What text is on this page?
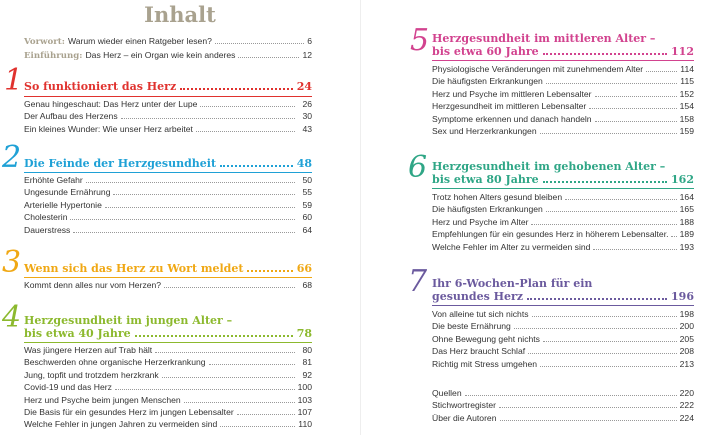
Inhalt
Vorwort: Warum wieder einen Ratgeber lesen?	6
Einführung: Das Herz – ein Organ wie kein anderes	12
1 So funktioniert das Herz	24
Genau hingeschaut: Das Herz unter der Lupe	26
Der Aufbau des Herzens	30
Ein kleines Wunder: Wie unser Herz arbeitet	43
2 Die Feinde der Herzgesundheit	48
Erhöhte Gefahr	50
Ungesunde Ernährung	55
Arterielle Hypertonie	59
Cholesterin	60
Dauerstress	64
3 Wenn sich das Herz zu Wort meldet	66
Kommt denn alles nur vom Herzen?	68
4 Herzgesundheit im jungen Alter –
bis etwa 40 Jahre	78
Was jüngere Herzen auf Trab hält	80
Beschwerden ohne organische Herzerkrankung	81
Jung, topfit und trotzdem herzkrank	92
Covid-19 und das Herz	100
Herz und Psyche beim jungen Menschen	103
Die Basis für ein gesundes Herz im jungen Lebensalter	107
Welche Fehler in jungen Jahren zu vermeiden sind	110
5 Herzgesundheit im mittleren Alter –
bis etwa 60 Jahre	112
Physiologische Veränderungen mit zunehmendem Alter	114
Die häufigsten Erkrankungen	115
Herz und Psyche im mittleren Lebensalter	152
Herzgesundheit im mittleren Lebensalter	154
Symptome erkennen und danach handeln	158
Sex und Herzerkrankungen	159
6 Herzgesundheit im gehobenen Alter –
bis etwa 80 Jahre	162
Trotz hohen Alters gesund bleiben	164
Die häufigsten Erkrankungen	165
Herz und Psyche im Alter	188
Empfehlungen für ein gesundes Herz in höherem Lebensalter. 189
Welche Fehler im Alter zu vermeiden sind	193
7 Ihr 6-Wochen-Plan für ein
gesundes Herz	196
Von alleine tut sich nichts	198
Die beste Ernährung	200
Ohne Bewegung geht nichts	205
Das Herz braucht Schlaf	208
Richtig mit Stress umgehen	213
Quellen	220
Stichwortregister	222
Über die Autoren	224
